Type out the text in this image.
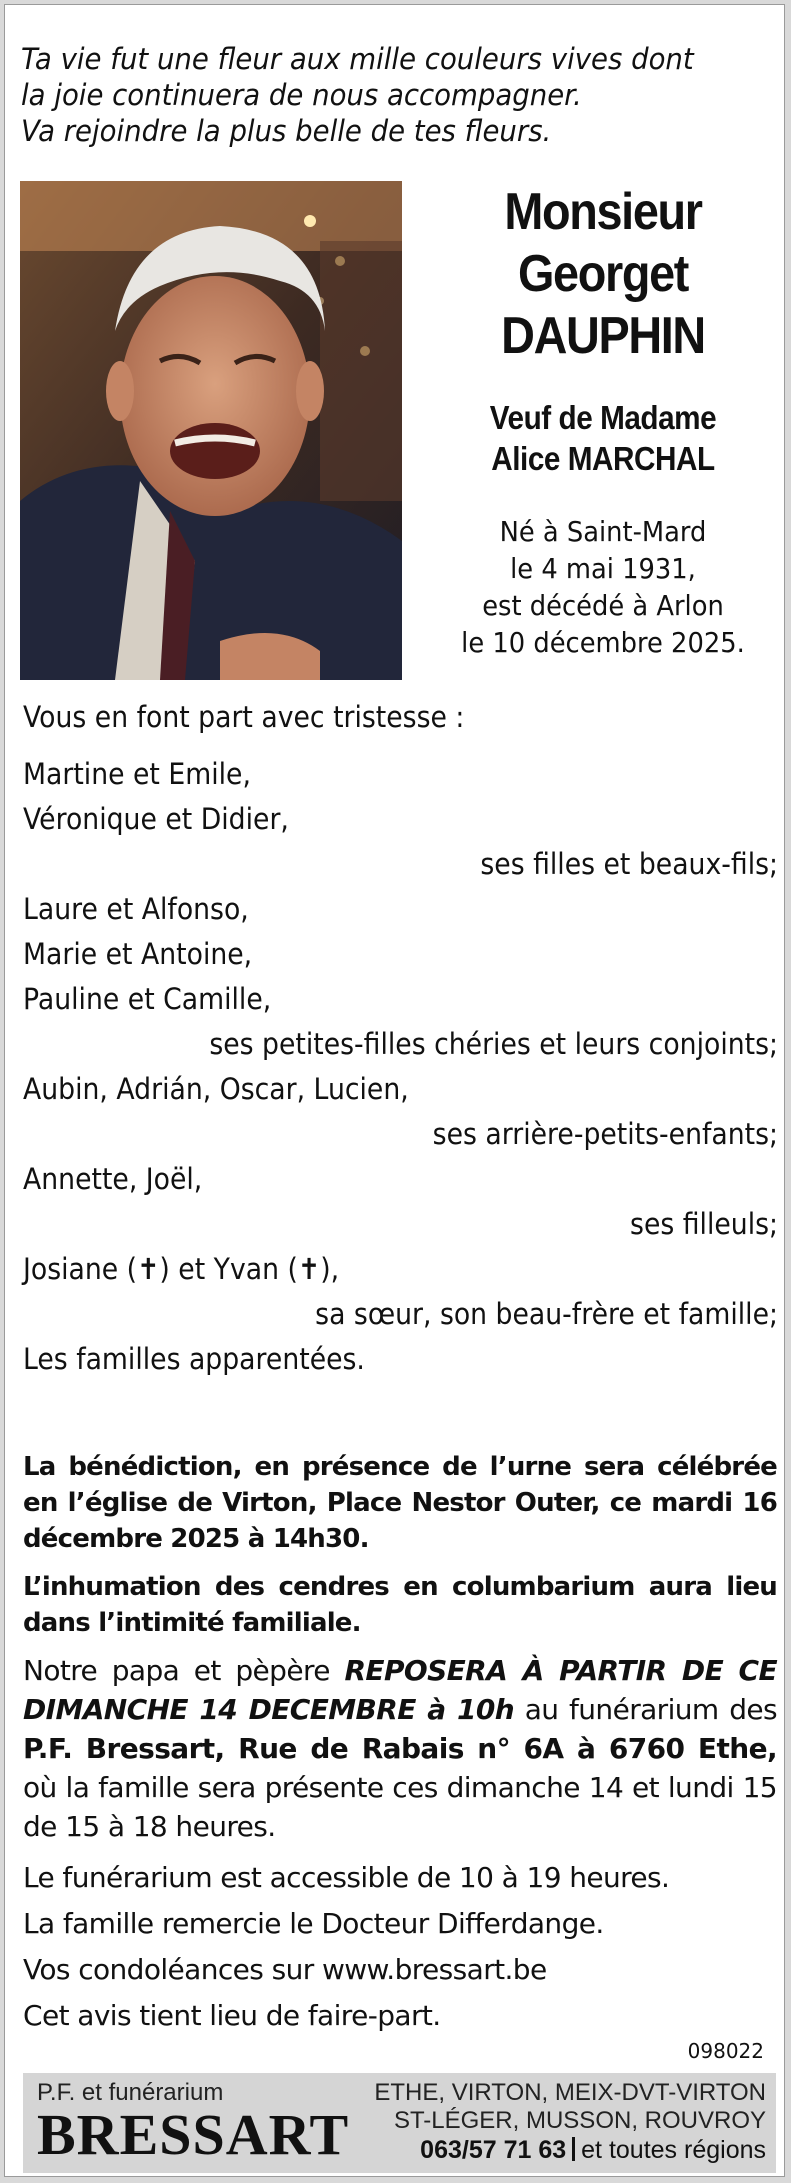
Ta vie fut une fleur aux mille couleurs vives dont
la joie continuera de nous accompagner.
Va rejoindre la plus belle de tes fleurs.
Monsieur
Georget
DAUPHIN
Veuf de Madame
Alice MARCHAL
Né à Saint-Mard
le 4 mai 1931,
est décédé à Arlon
le 10 décembre 2025.
Vous en font part avec tristesse :
Martine et Emile,
Véronique et Didier,
ses filles et beaux-fils;
Laure et Alfonso,
Marie et Antoine,
Pauline et Camille,
ses petites-filles chéries et leurs conjoints;
Aubin, Adrián, Oscar, Lucien,
ses arrière-petits-enfants;
Annette, Joël,
ses filleuls;
Josiane (✝) et Yvan (✝),
sa sœur, son beau-frère et famille;
Les familles apparentées.

La bénédiction, en présence de l’urne sera célébrée en l’église de Virton, Place Nestor Outer, ce mardi 16 décembre 2025 à 14h30.

L’inhumation des cendres en columbarium aura lieu dans l’intimité familiale.

Notre papa et pèpère REPOSERA À PARTIR DE CE DIMANCHE 14 DECEMBRE à 10h au funérarium des P.F. Bressart, Rue de Rabais n° 6A à 6760 Ethe, où la famille sera présente ces dimanche 14 et lundi 15 de 15 à 18 heures.

Le funérarium est accessible de 10 à 19 heures.

La famille remercie le Docteur Differdange.

Vos condoléances sur www.bressart.be

Cet avis tient lieu de faire-part.

098022
P.F. et funérarium
BRESSART
ETHE, VIRTON, MEIX-DVT-VIRTON
ST-LÉGER, MUSSON, ROUVROY
063/57 71 63 et toutes régions
